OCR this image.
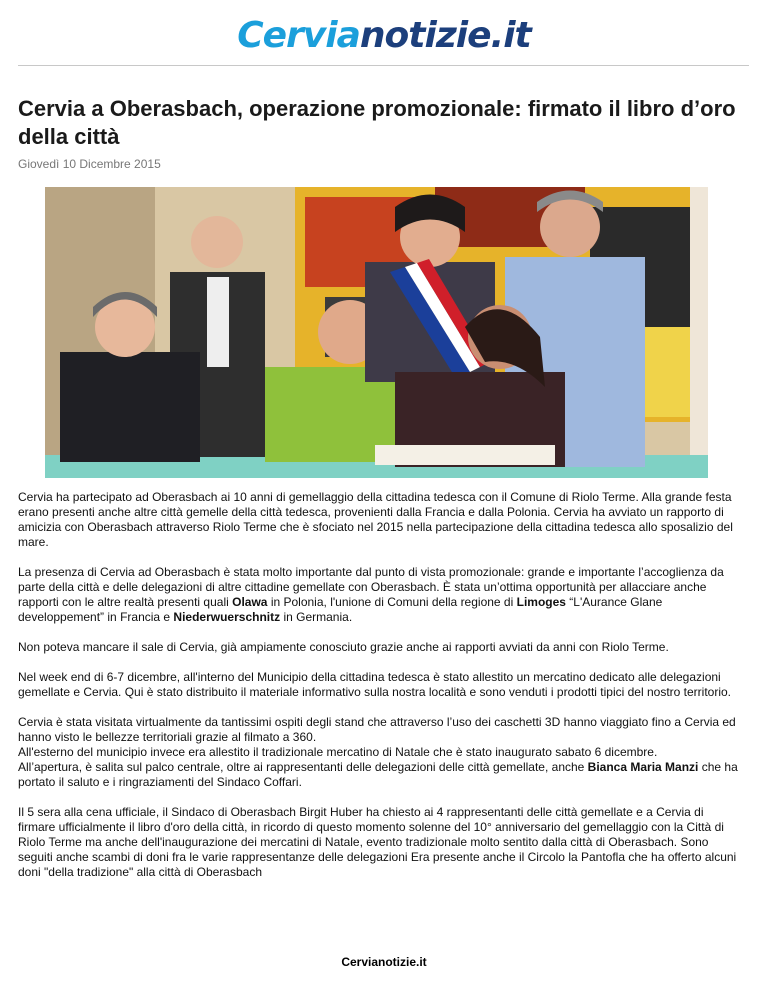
Cervianotizie.it
Cervia a Oberasbach, operazione promozionale: firmato il libro d’oro della città
Giovedì 10 Dicembre 2015

Cervia ha partecipato ad Oberasbach ai 10 anni di gemellaggio della cittadina tedesca con il Comune di Riolo Terme. Alla grande festa erano presenti anche altre città gemelle della città tedesca, provenienti dalla Francia e dalla Polonia. Cervia ha avviato un rapporto di amicizia con Oberasbach attraverso Riolo Terme che è sfociato nel 2015 nella partecipazione della cittadina tedesca allo sposalizio del mare.

La presenza di Cervia ad Oberasbach è stata molto importante dal punto di vista promozionale: grande e importante l’accoglienza da parte della città e delle delegazioni di altre cittadine gemellate con Oberasbach. È stata un’ottima opportunità per allacciare anche rapporti con le altre realtà presenti quali Olawa in Polonia, l'unione di Comuni della regione di Limoges “L'Aurance Glane developpement” in Francia e Niederwuerschnitz in Germania.

Non poteva mancare il sale di Cervia, già ampiamente conosciuto grazie anche ai rapporti avviati da anni con Riolo Terme.

Nel week end di 6-7 dicembre, all'interno del Municipio della cittadina tedesca è stato allestito un mercatino dedicato alle delegazioni gemellate e Cervia. Qui è stato distribuito il materiale informativo sulla nostra località e sono venduti i prodotti tipici del nostro territorio.

Cervia è stata visitata virtualmente da tantissimi ospiti degli stand che attraverso l’uso dei caschetti 3D hanno viaggiato fino a Cervia ed hanno visto le bellezze territoriali grazie al filmato a 360.
All'esterno del municipio invece era allestito il tradizionale mercatino di Natale che è stato inaugurato sabato 6 dicembre.
All’apertura, è salita sul palco centrale, oltre ai rappresentanti delle delegazioni delle città gemellate, anche Bianca Maria Manzi che ha portato il saluto e i ringraziamenti del Sindaco Coffari.

Il 5 sera alla cena ufficiale, il Sindaco di Oberasbach Birgit Huber ha chiesto ai 4 rappresentanti delle città gemellate e a Cervia di firmare ufficialmente il libro d'oro della città, in ricordo di questo momento solenne del 10° anniversario del gemellaggio con la Città di Riolo Terme ma anche dell'inaugurazione dei mercatini di Natale, evento tradizionale molto sentito dalla città di Oberasbach. Sono seguiti anche scambi di doni fra le varie rappresentanze delle delegazioni Era presente anche il Circolo la Pantofla che ha offerto alcuni doni "della tradizione" alla città di Oberasbach

Cervianotizie.it
